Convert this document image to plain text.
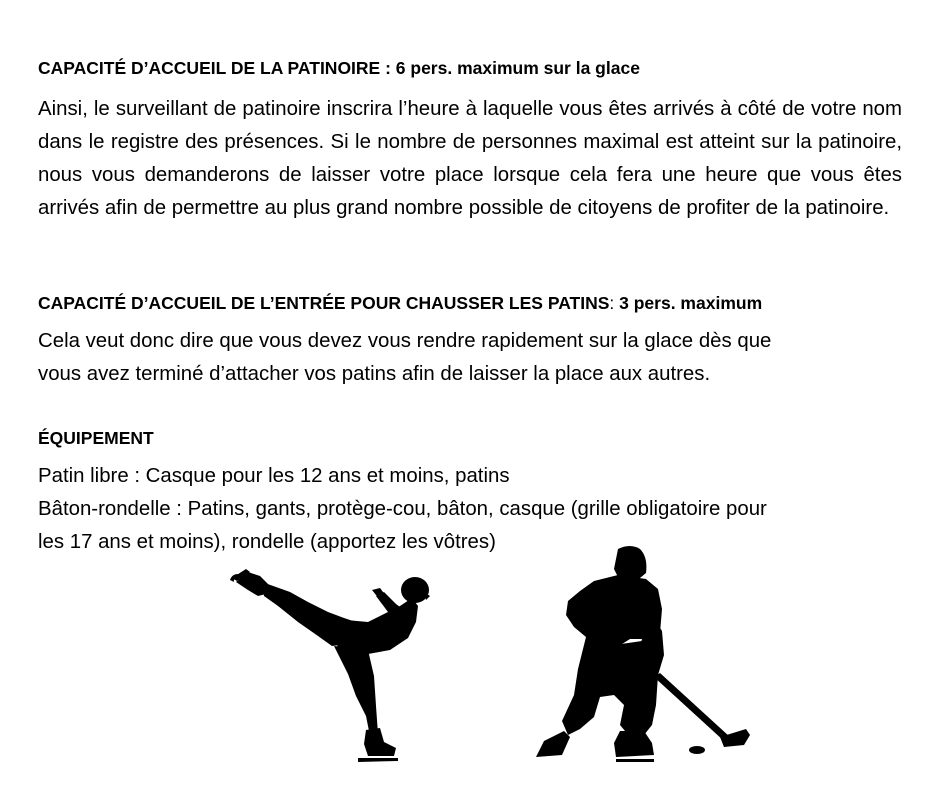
CAPACITÉ D’ACCUEIL DE LA PATINOIRE : 6 pers. maximum sur la glace
Ainsi, le surveillant de patinoire inscrira l’heure à laquelle vous êtes arrivés à côté de votre nom dans le registre des présences. Si le nombre de personnes maximal est atteint sur la patinoire, nous vous demanderons de laisser votre place lorsque cela fera une heure que vous êtes arrivés afin de permettre au plus grand nombre possible de citoyens de profiter de la patinoire.
CAPACITÉ D’ACCUEIL DE L’ENTRÉE POUR CHAUSSER LES PATINS: 3 pers. maximum
Cela veut donc dire que vous devez vous rendre rapidement sur la glace dès que
vous avez terminé d’attacher vos patins afin de laisser la place aux autres.
ÉQUIPEMENT
Patin libre : Casque pour les 12 ans et moins, patins
Bâton-rondelle : Patins, gants, protège-cou, bâton, casque (grille obligatoire pour
les 17 ans et moins), rondelle (apportez les vôtres)
